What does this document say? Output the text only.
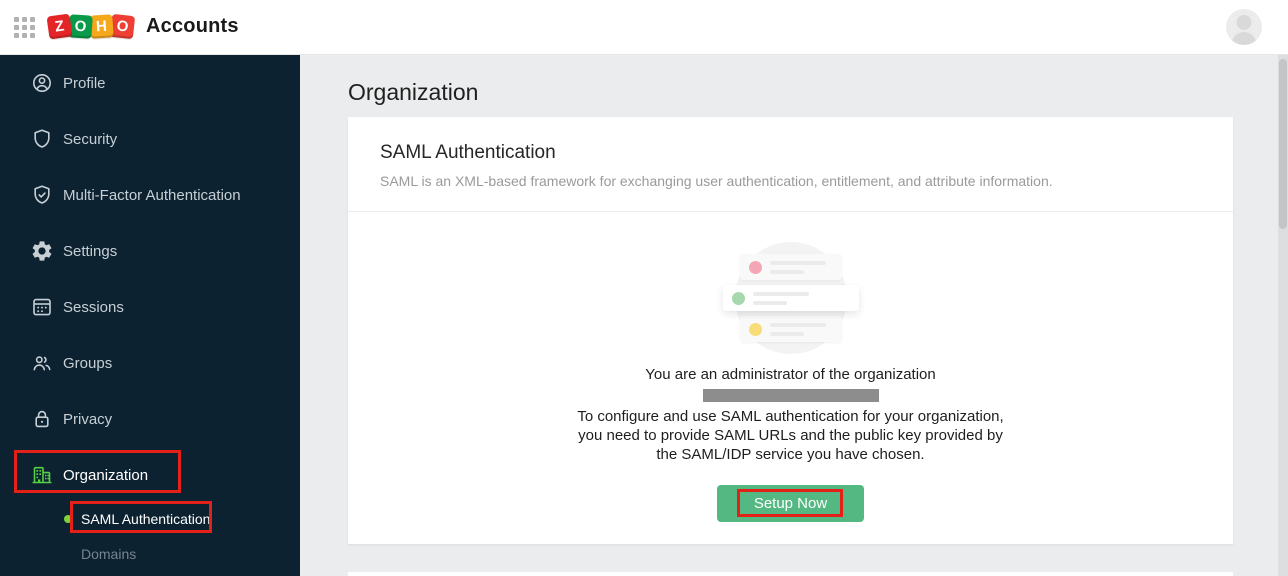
Z O H O Accounts
Profile
Security
Multi-Factor Authentication
Settings
Sessions
Groups
Privacy
Organization
SAML Authentication
Domains
Organization
SAML Authentication
SAML is an XML-based framework for exchanging user authentication, entitlement, and attribute information.
You are an administrator of the organization
To configure and use SAML authentication for your organization, you need to provide SAML URLs and the public key provided by the SAML/IDP service you have chosen.
Setup Now
